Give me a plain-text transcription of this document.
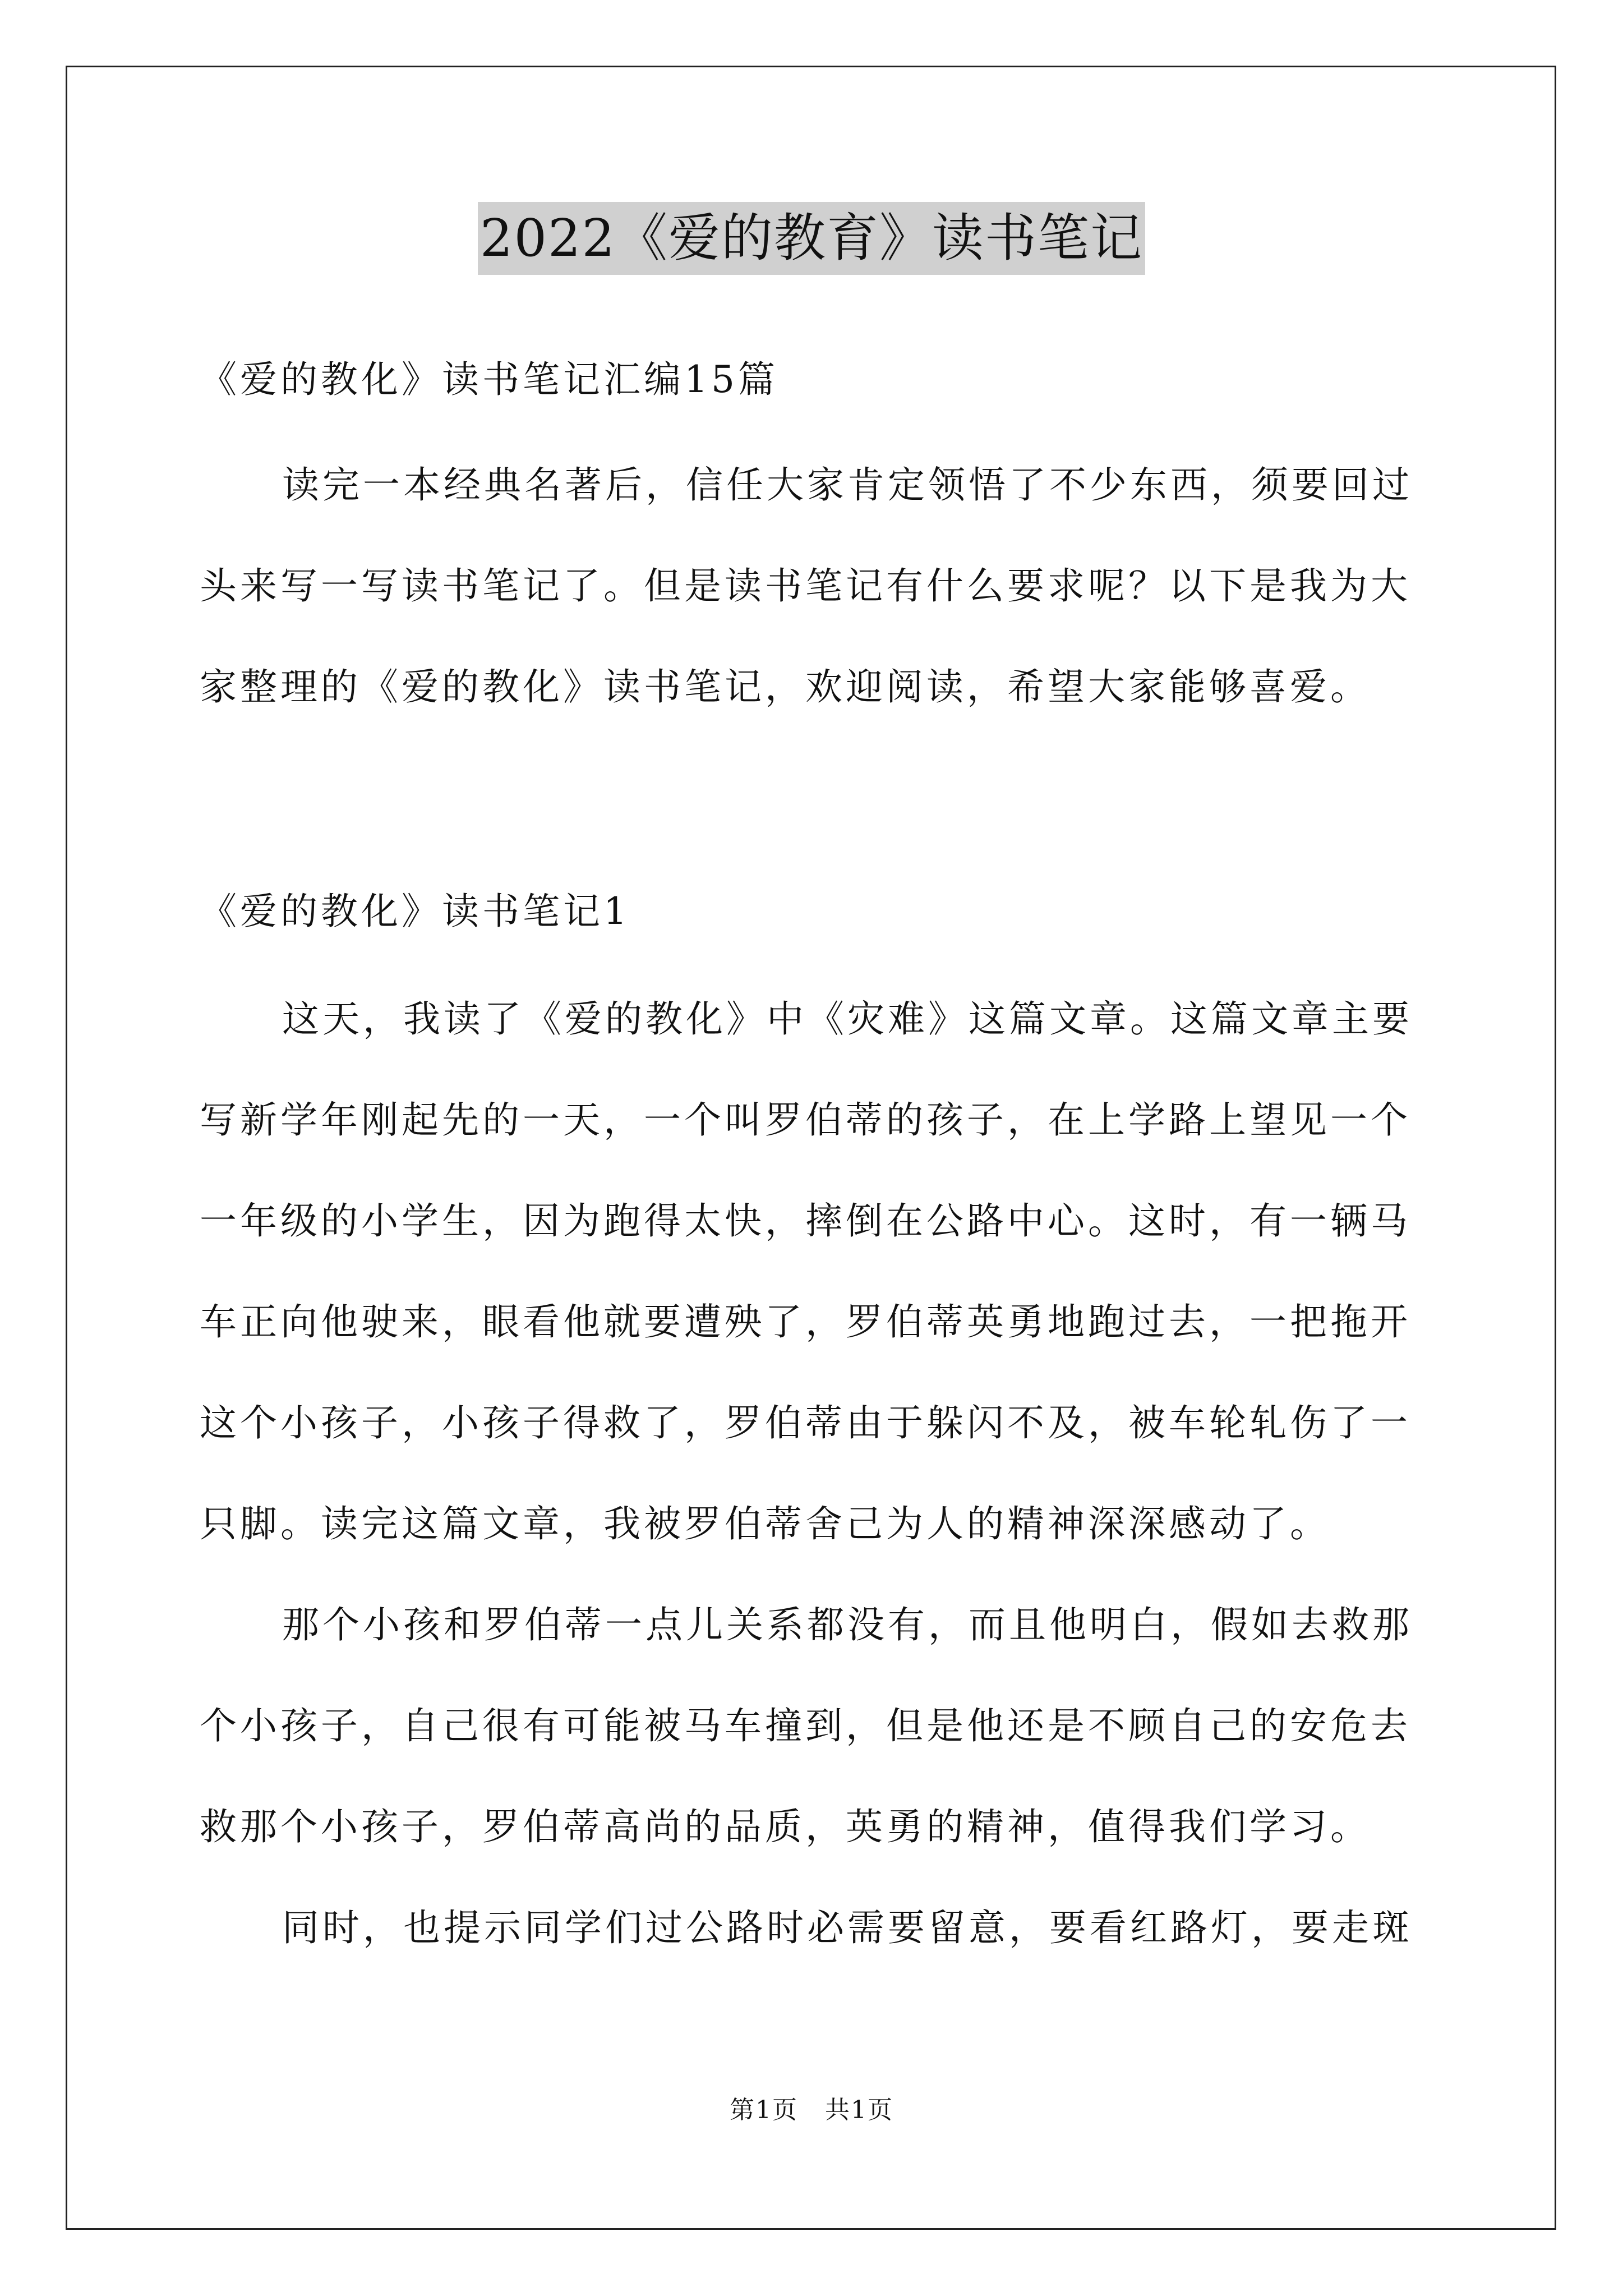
2022《爱的教育》读书笔记
《爱的教化》读书笔记汇编15篇
读完一本经典名著后，信任大家肯定领悟了不少东西，须要回过
头来写一写读书笔记了。但是读书笔记有什么要求呢？以下是我为大
家整理的《爱的教化》读书笔记，欢迎阅读，希望大家能够喜爱。
《爱的教化》读书笔记1
这天，我读了《爱的教化》中《灾难》这篇文章。这篇文章主要
写新学年刚起先的一天，一个叫罗伯蒂的孩子，在上学路上望见一个
一年级的小学生，因为跑得太快，摔倒在公路中心。这时，有一辆马
车正向他驶来，眼看他就要遭殃了，罗伯蒂英勇地跑过去，一把拖开
这个小孩子，小孩子得救了，罗伯蒂由于躲闪不及，被车轮轧伤了一
只脚。读完这篇文章，我被罗伯蒂舍己为人的精神深深感动了。
那个小孩和罗伯蒂一点儿关系都没有，而且他明白，假如去救那
个小孩子，自己很有可能被马车撞到，但是他还是不顾自己的安危去
救那个小孩子，罗伯蒂高尚的品质，英勇的精神，值得我们学习。
同时，也提示同学们过公路时必需要留意，要看红路灯，要走斑
第1页 共1页
